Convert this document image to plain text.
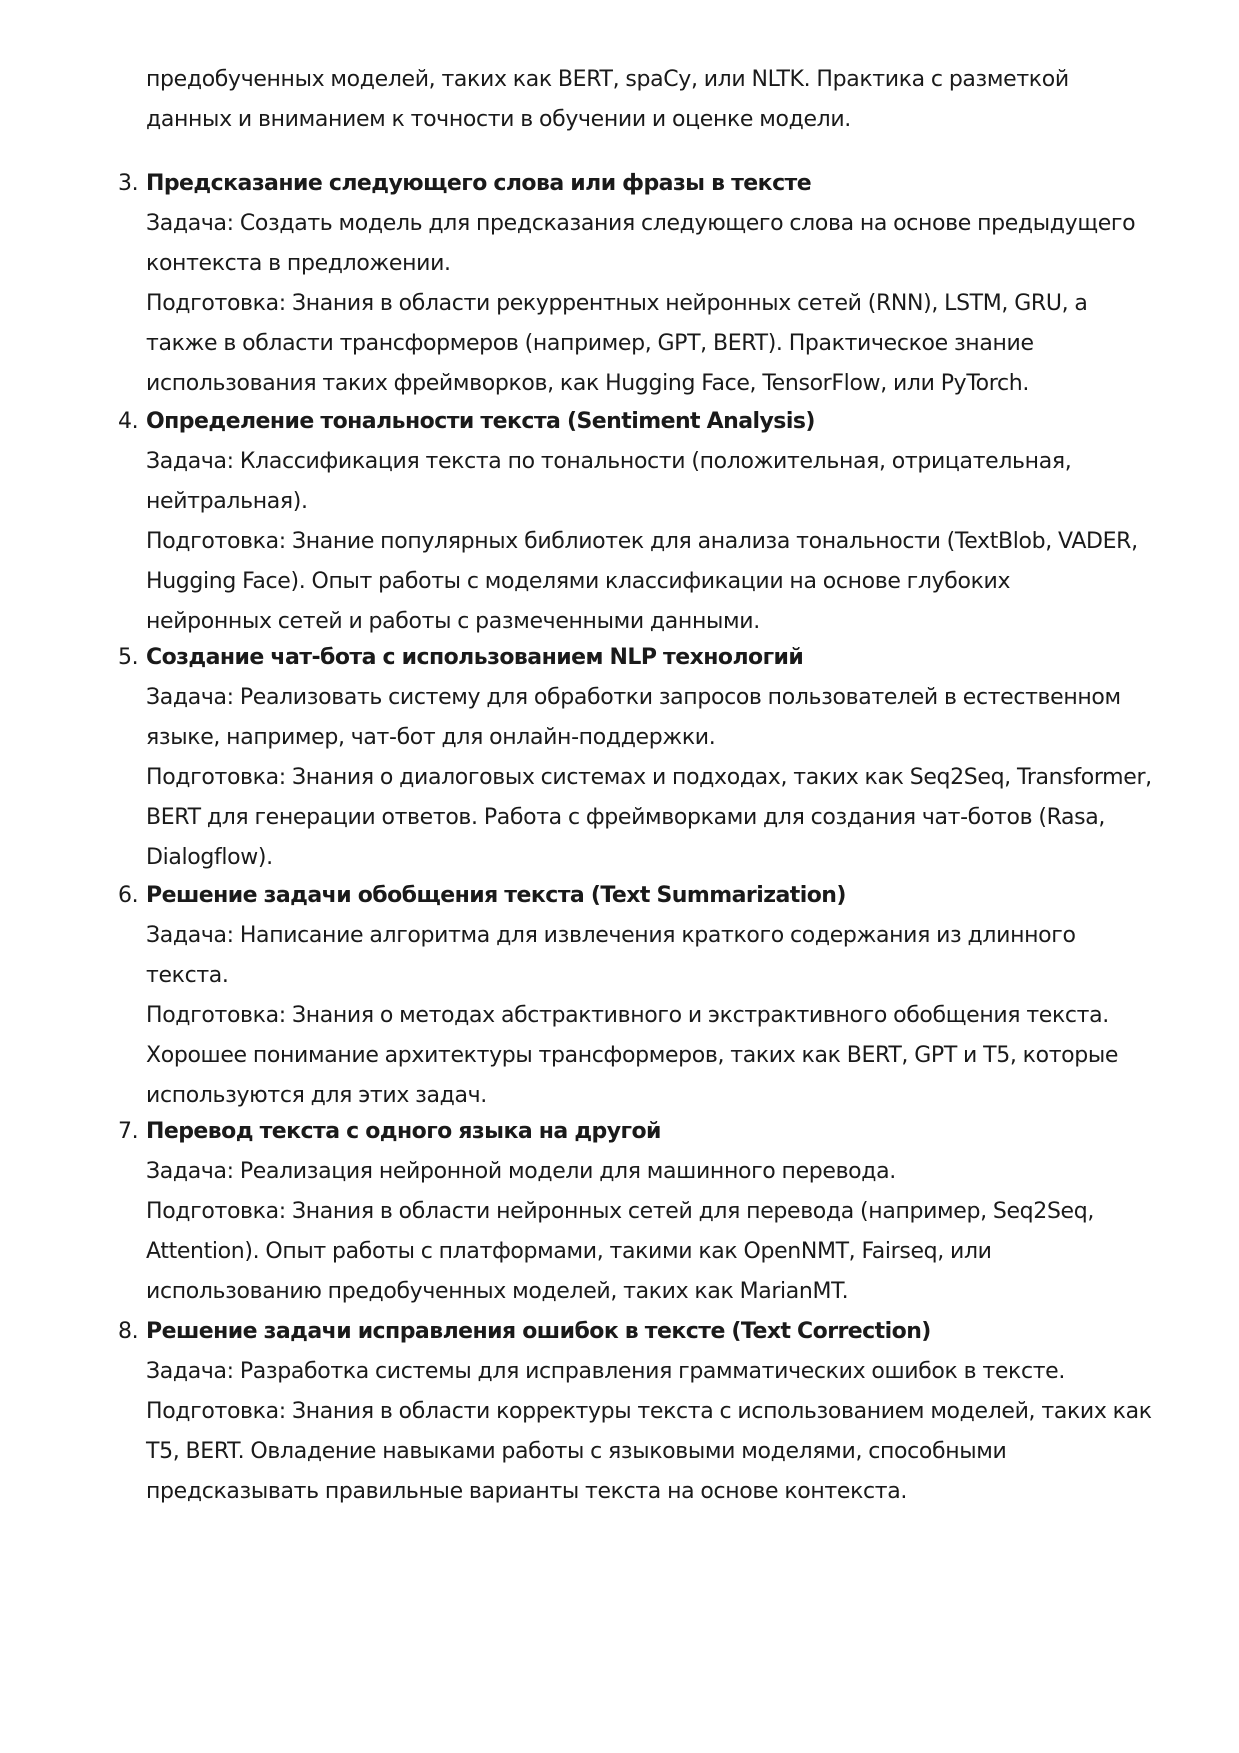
предобученных моделей, таких как BERT, spaCy, или NLTK. Практика с разметкой

данных и вниманием к точности в обучении и оценке модели.

3. Предсказание следующего слова или фразы в тексте
Задача: Создать модель для предсказания следующего слова на основе предыдущего
контекста в предложении.
Подготовка: Знания в области рекуррентных нейронных сетей (RNN), LSTM, GRU, а
также в области трансформеров (например, GPT, BERT). Практическое знание
использования таких фреймворков, как Hugging Face, TensorFlow, или PyTorch.
4. Определение тональности текста (Sentiment Analysis)
Задача: Классификация текста по тональности (положительная, отрицательная,
нейтральная).
Подготовка: Знание популярных библиотек для анализа тональности (TextBlob, VADER,
Hugging Face). Опыт работы с моделями классификации на основе глубоких
нейронных сетей и работы с размеченными данными.
5. Создание чат-бота с использованием NLP технологий
Задача: Реализовать систему для обработки запросов пользователей в естественном
языке, например, чат-бот для онлайн-поддержки.
Подготовка: Знания о диалоговых системах и подходах, таких как Seq2Seq, Transformer,
BERT для генерации ответов. Работа с фреймворками для создания чат-ботов (Rasa,
Dialogflow).
6. Решение задачи обобщения текста (Text Summarization)
Задача: Написание алгоритма для извлечения краткого содержания из длинного
текста.
Подготовка: Знания о методах абстрактивного и экстрактивного обобщения текста.
Хорошее понимание архитектуры трансформеров, таких как BERT, GPT и T5, которые
используются для этих задач.
7. Перевод текста с одного языка на другой
Задача: Реализация нейронной модели для машинного перевода.
Подготовка: Знания в области нейронных сетей для перевода (например, Seq2Seq,
Attention). Опыт работы с платформами, такими как OpenNMT, Fairseq, или
использованию предобученных моделей, таких как MarianMT.
8. Решение задачи исправления ошибок в тексте (Text Correction)
Задача: Разработка системы для исправления грамматических ошибок в тексте.
Подготовка: Знания в области корректуры текста с использованием моделей, таких как
T5, BERT. Овладение навыками работы с языковыми моделями, способными
предсказывать правильные варианты текста на основе контекста.
